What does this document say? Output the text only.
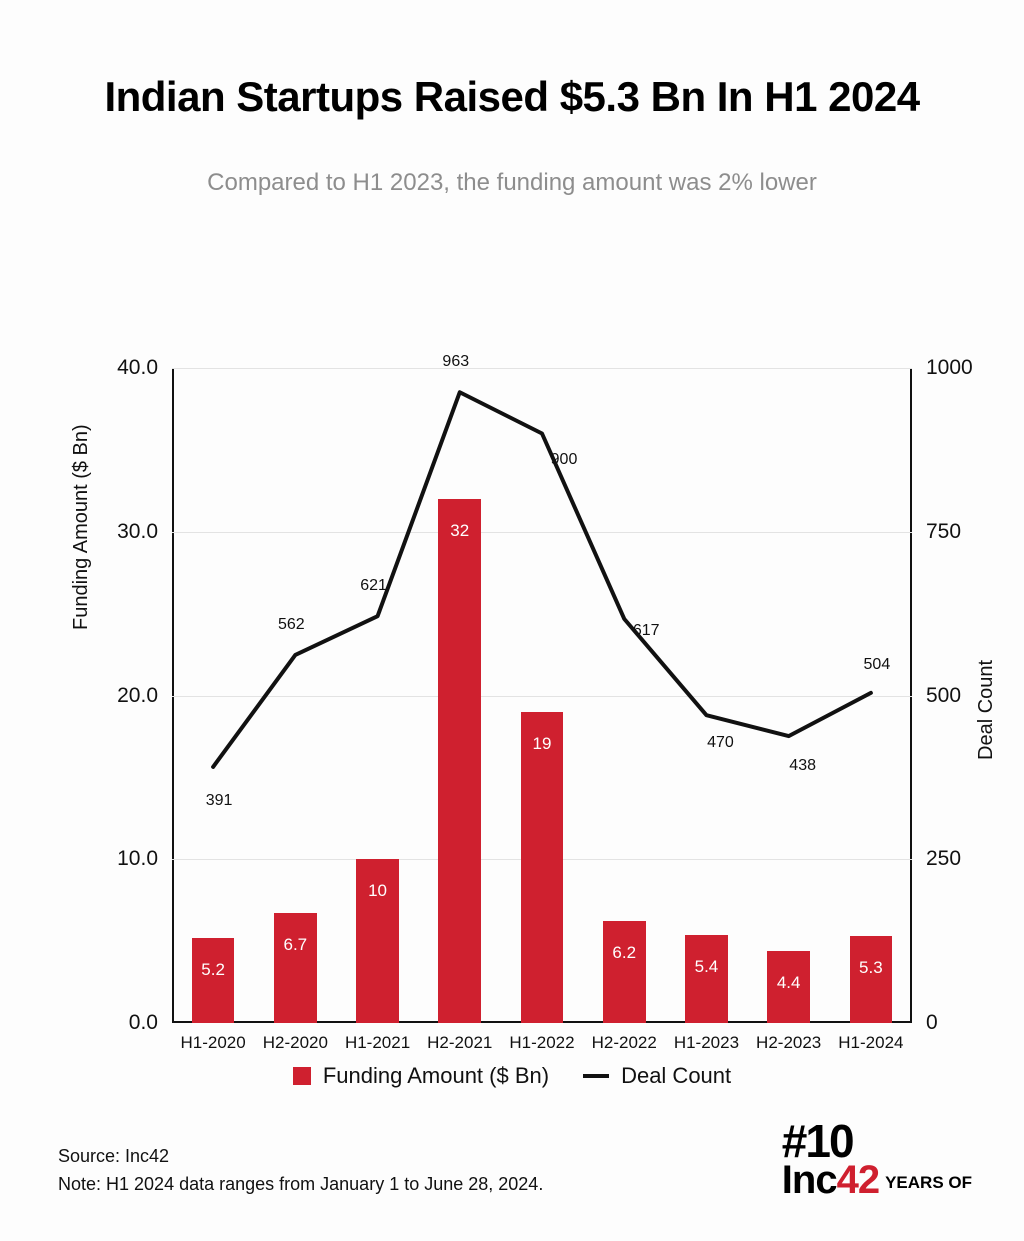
Indian Startups Raised $5.3 Bn In H1 2024
Compared to H1 2023, the funding amount was 2% lower
Funding Amount ($ Bn)
Deal Count
0.0
10.0
20.0
30.0
40.0
0
250
500
750
1000
5.2
H1-2020
6.7
H2-2020
10
H1-2021
32
H2-2021
19
H1-2022
6.2
H2-2022
5.4
H1-2023
4.4
H2-2023
5.3
H1-2024
391
562
621
963
900
617
470
438
504
Funding Amount ($ Bn)	Deal Count
Source: Inc42
Note: H1 2024 data ranges from January 1 to June 28, 2024.
#10
Inc42 YEARS OF
